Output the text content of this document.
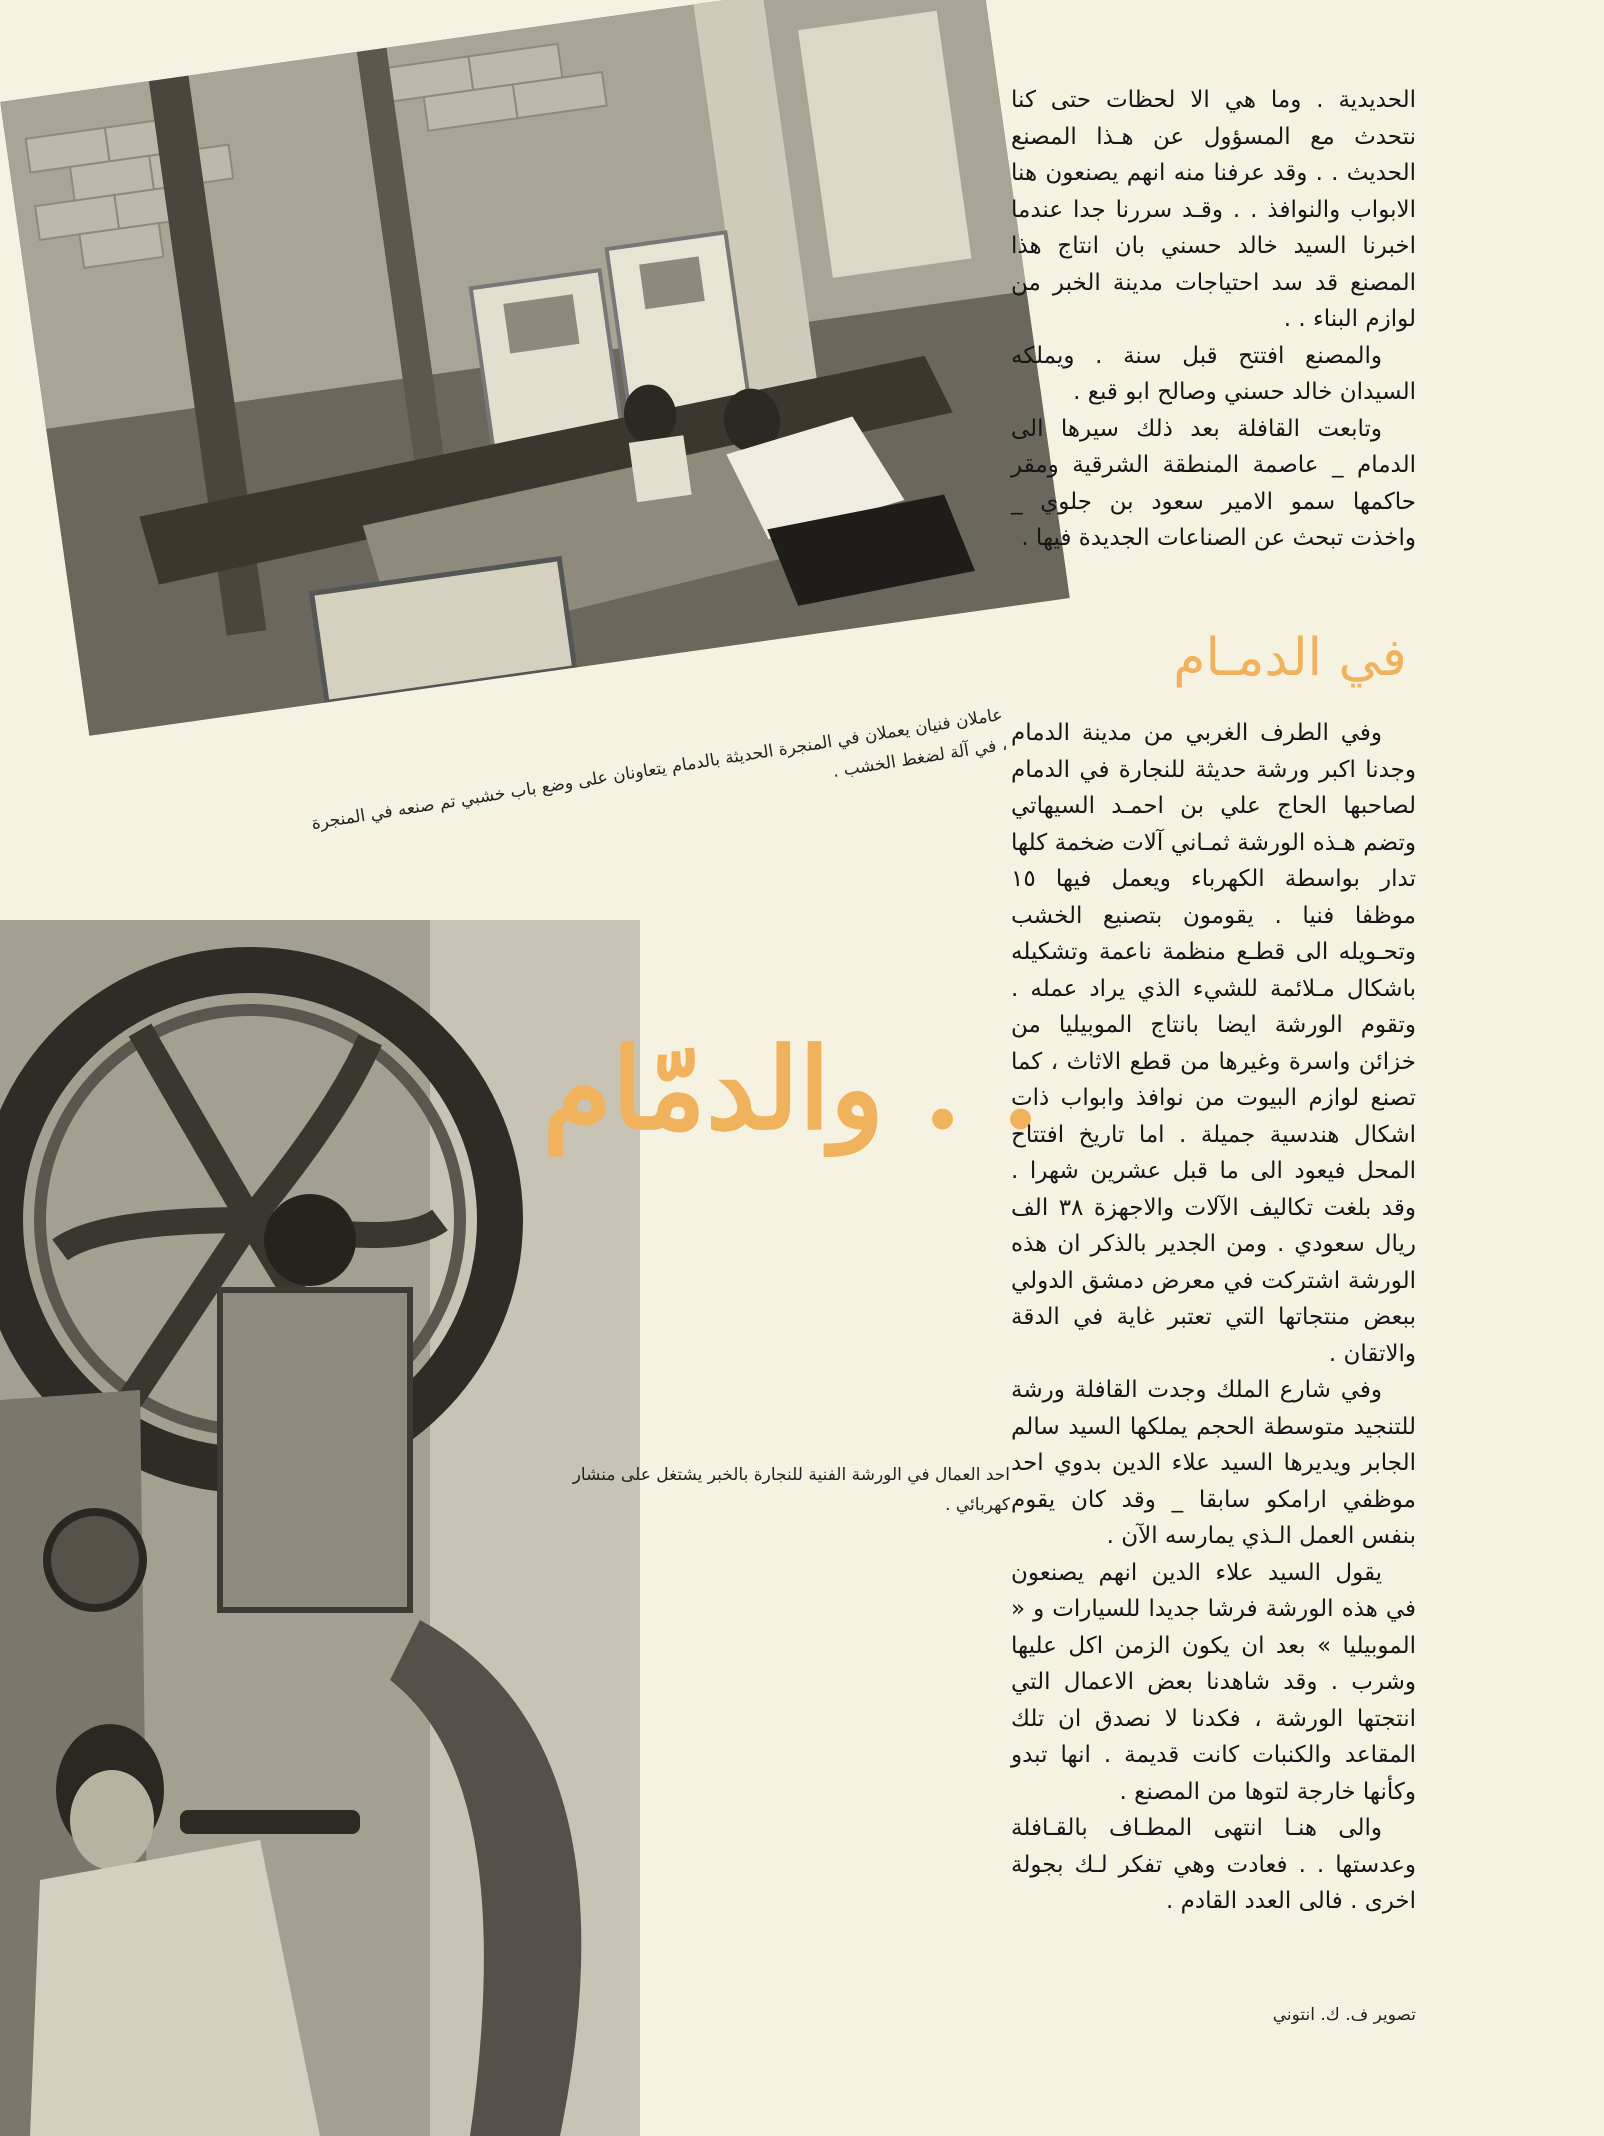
عاملان فنيان يعملان في المنجرة الحديثة بالدمام يتعاونان على وضع باب خشبي تم صنعه في المنجرة ، في آلة لضغط الخشب .
احد العمال في الورشة الفنية للنجارة بالخبر يشتغل على منشار كهربائي .
. . والدمّام

الحديدية . وما هي الا لحظات حتى كنا نتحدث مع المسؤول عن هـذا المصنع الحديث . . وقد عرفنا منه انهم يصنعون هنا الابواب والنوافذ . . وقـد سررنا جدا عندما اخبرنا السيد خالد حسني بان انتاج هذا المصنع قد سد احتياجات مدينة الخبر من لوازم البناء . .

والمصنع افتتح قبل سنة . ويملكه السيدان خالد حسني وصالح ابو قبع .

وتابعت القافلة بعد ذلك سيرها الى الدمام _ عاصمة المنطقة الشرقية ومقر حاكمها سمو الامير سعود بن جلوي _ واخذت تبحث عن الصناعات الجديدة فيها .

في الدمـام

وفي الطرف الغربي من مدينة الدمام وجدنا اكبر ورشة حديثة للنجارة في الدمام لصاحبها الحاج علي بن احمـد السيهاتي وتضم هـذه الورشة ثمـاني آلات ضخمة كلها تدار بواسطة الكهرباء ويعمل فيها ١٥ موظفا فنيا . يقومون بتصنيع الخشب وتحـويله الى قطـع منظمة ناعمة وتشكيله باشكال مـلائمة للشيء الذي يراد عمله . وتقوم الورشة ايضا بانتاج الموبيليا من خزائن واسرة وغيرها من قطع الاثاث ، كما تصنع لوازم البيوت من نوافذ وابواب ذات اشكال هندسية جميلة . اما تاريخ افتتاح المحل فيعود الى ما قبل عشرين شهرا . وقد بلغت تكاليف الآلات والاجهزة ٣٨ الف ريال سعودي . ومن الجدير بالذكر ان هذه الورشة اشتركت في معرض دمشق الدولي ببعض منتجاتها التي تعتبر غاية في الدقة والاتقان .

وفي شارع الملك وجدت القافلة ورشة للتنجيد متوسطة الحجم يملكها السيد سالم الجابر ويديرها السيد علاء الدين بدوي احد موظفي ارامكو سابقا _ وقد كان يقوم بنفس العمل الـذي يمارسه الآن .

يقول السيد علاء الدين انهم يصنعون في هذه الورشة فرشا جديدا للسيارات و « الموبيليا » بعد ان يكون الزمن اكل عليها وشرب . وقد شاهدنا بعض الاعمال التي انتجتها الورشة ، فكدنا لا نصدق ان تلك المقاعد والكنبات كانت قديمة . انها تبدو وكأنها خارجة لتوها من المصنع .

والى هنـا انتهى المطـاف بالقـافلة وعدستها . . فعادت وهي تفكر لـك بجولة اخرى . فالى العدد القادم .

تصوير ف. ك. انتوني
